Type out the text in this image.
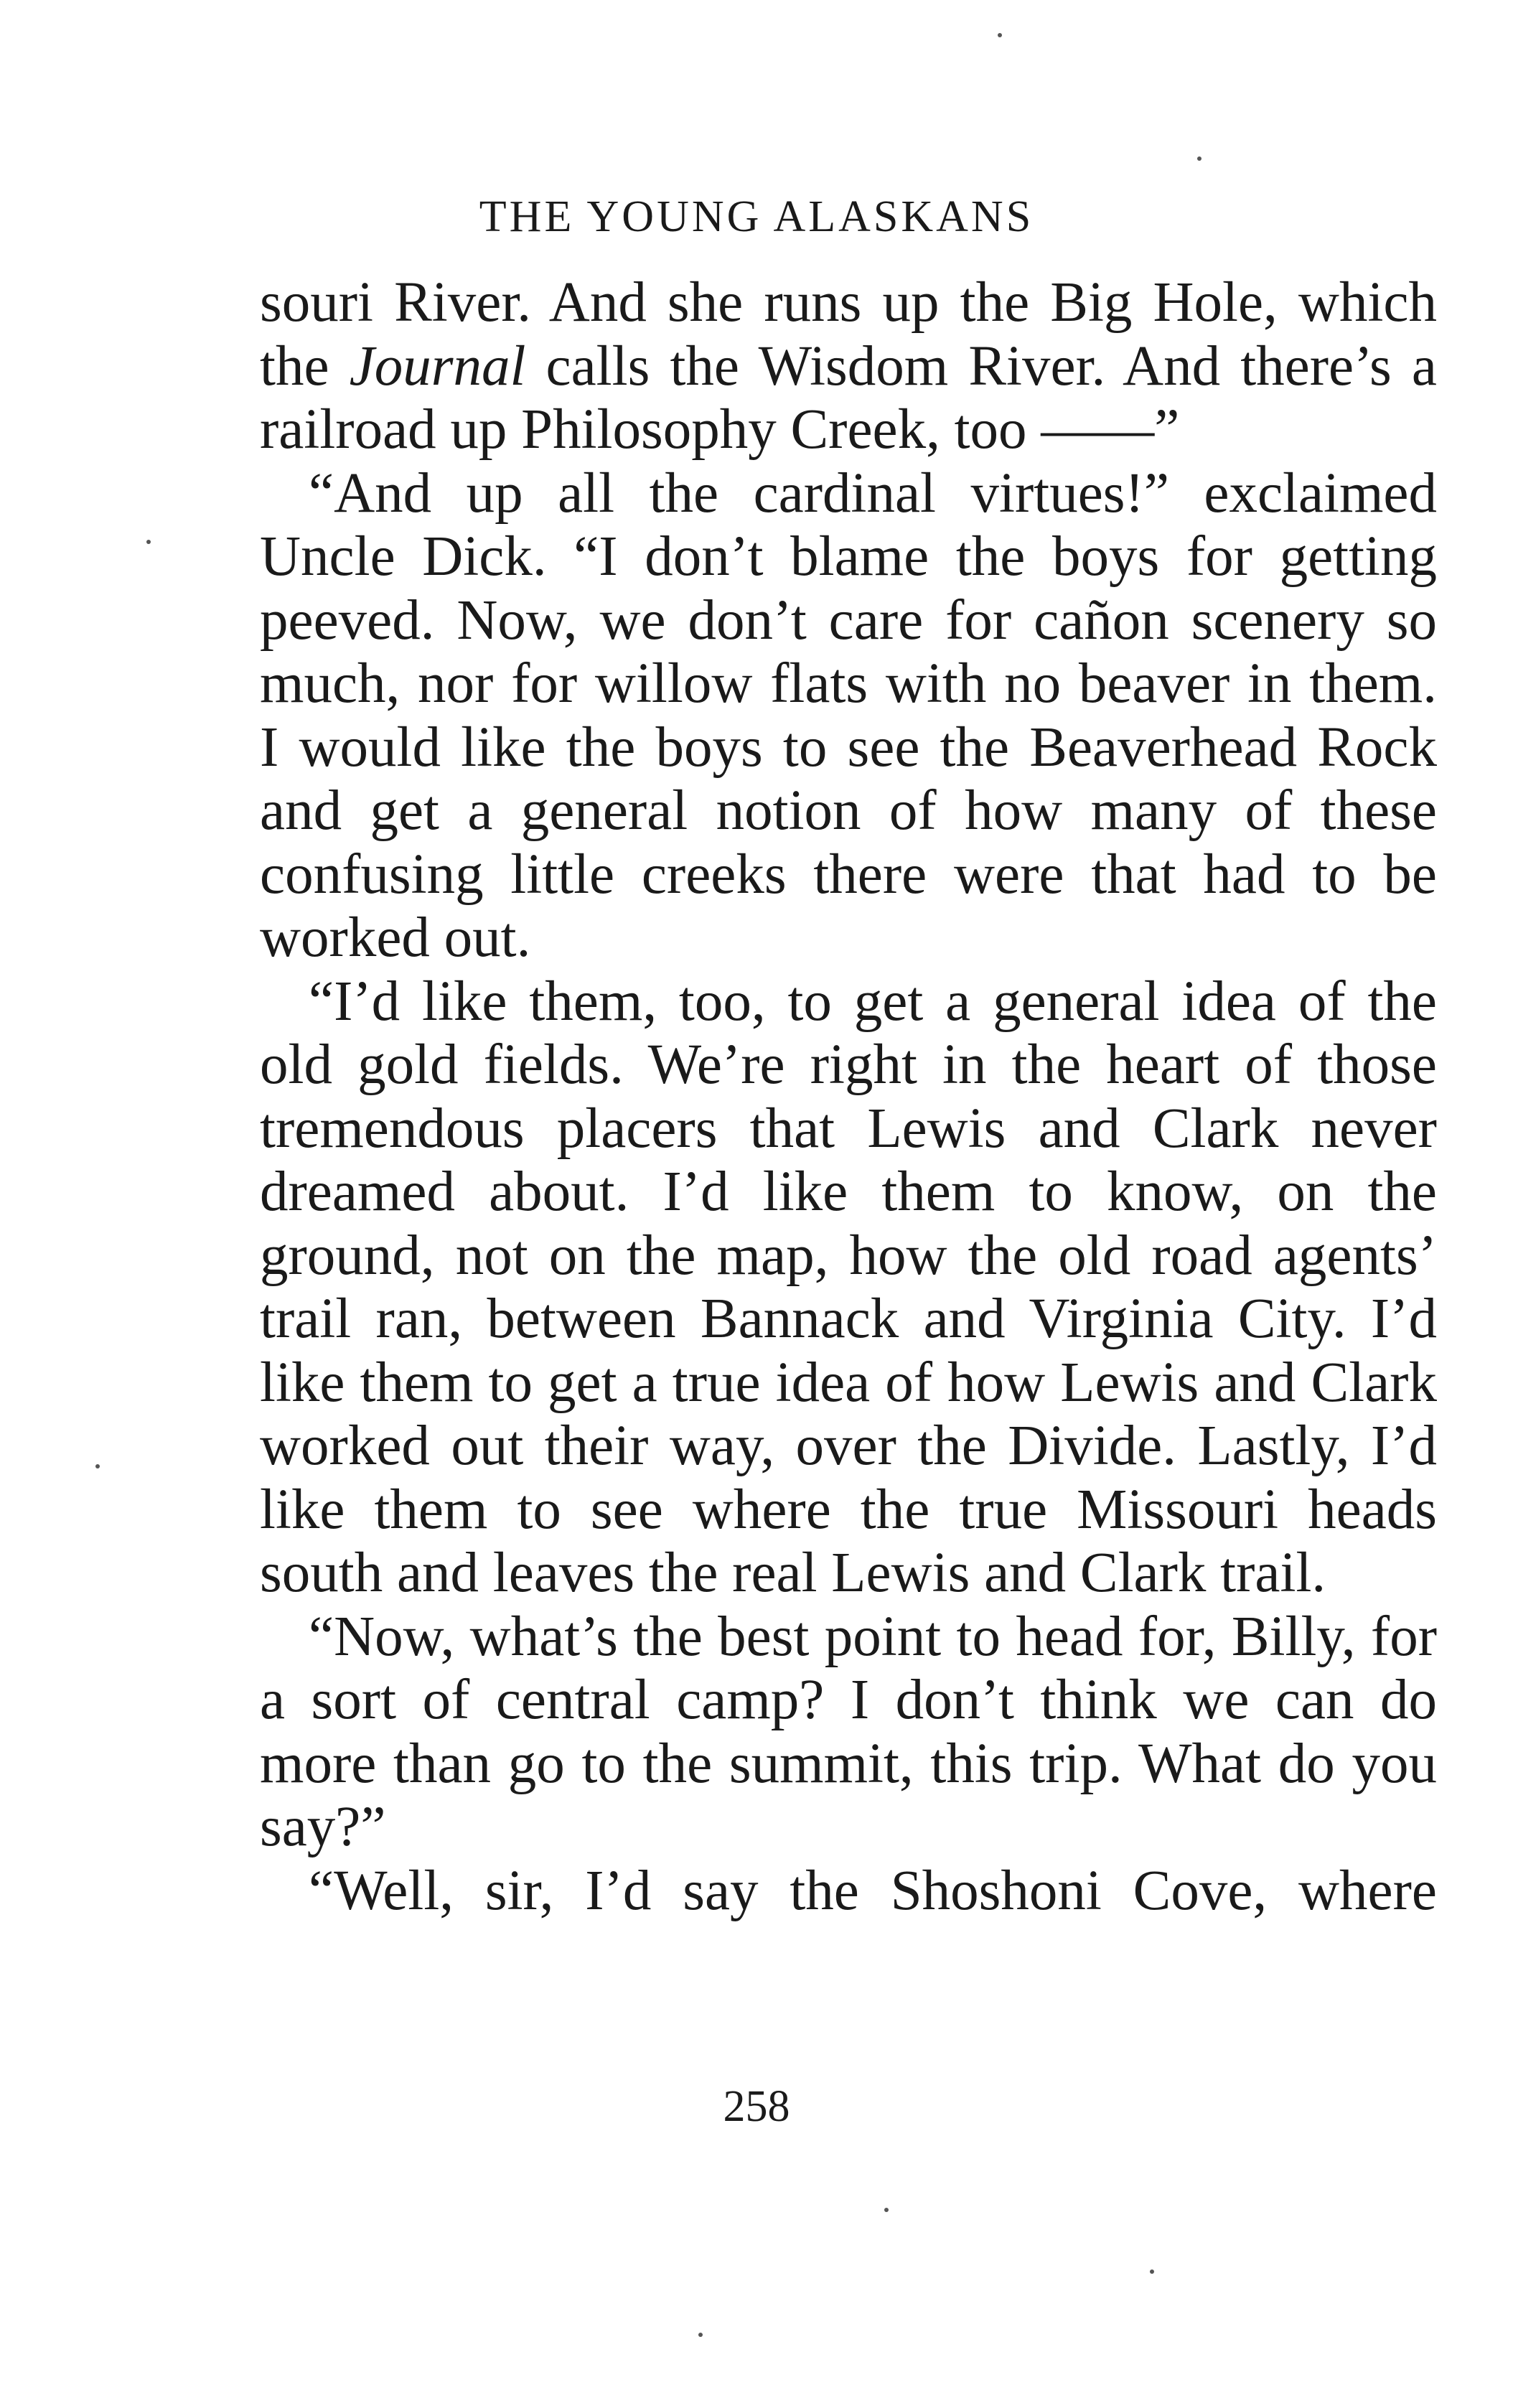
THE YOUNG ALASKANS

souri River. And she runs up the Big Hole, which the Journal calls the Wisdom River. And there’s a railroad up Philosophy Creek, too ——”

“And up all the cardinal virtues!” exclaimed Uncle Dick. “I don’t blame the boys for getting peeved. Now, we don’t care for cañon scenery so much, nor for willow flats with no beaver in them. I would like the boys to see the Beaverhead Rock and get a general notion of how many of these confusing little creeks there were that had to be worked out.

“I’d like them, too, to get a general idea of the old gold fields. We’re right in the heart of those tremendous placers that Lewis and Clark never dreamed about. I’d like them to know, on the ground, not on the map, how the old road agents’ trail ran, between Bannack and Virginia City. I’d like them to get a true idea of how Lewis and Clark worked out their way, over the Divide. Lastly, I’d like them to see where the true Missouri heads south and leaves the real Lewis and Clark trail.

“Now, what’s the best point to head for, Billy, for a sort of central camp? I don’t think we can do more than go to the summit, this trip. What do you say?”

“Well, sir, I’d say the Shoshoni Cove, where

258
